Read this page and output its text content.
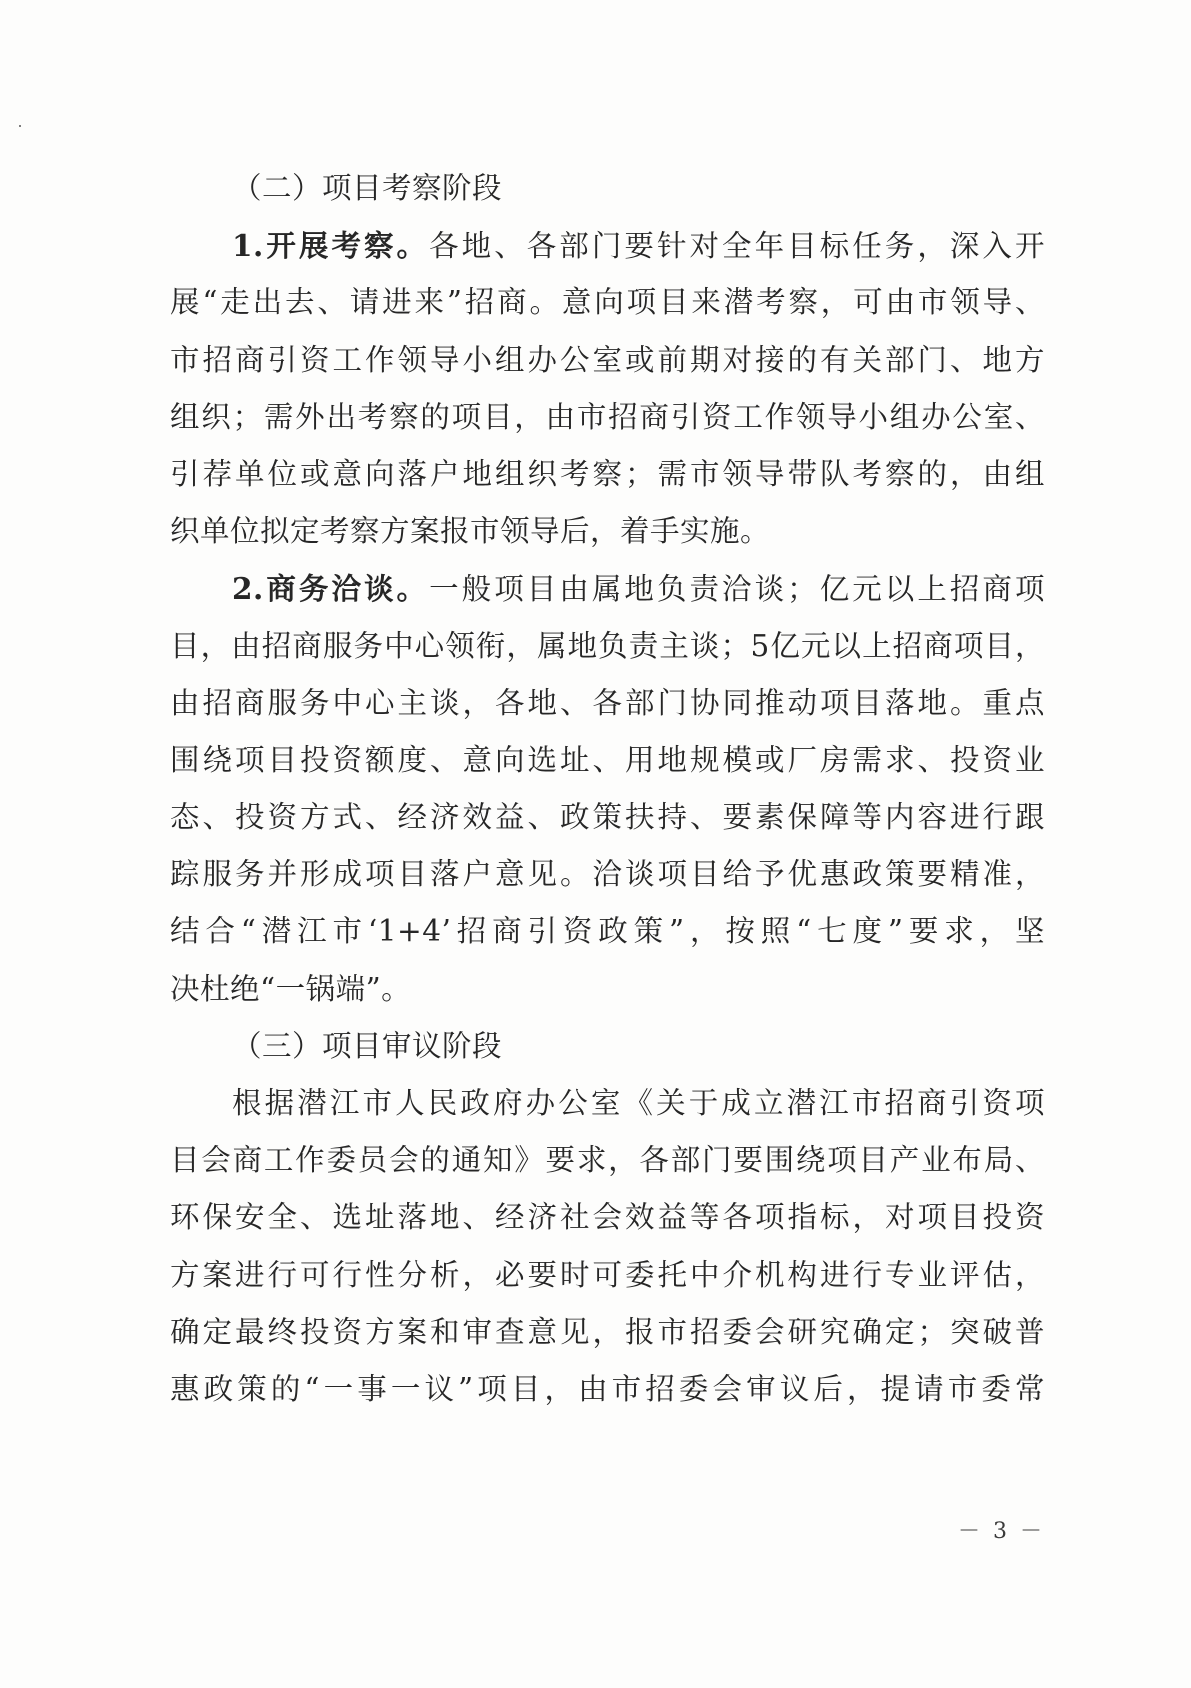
（二）项目考察阶段
1.开展考察。各地、各部门要针对全年目标任务，深入开
展“走出去、请进来”招商。意向项目来潜考察，可由市领导、
市招商引资工作领导小组办公室或前期对接的有关部门、地方
组织；需外出考察的项目，由市招商引资工作领导小组办公室、
引荐单位或意向落户地组织考察；需市领导带队考察的，由组
织单位拟定考察方案报市领导后，着手实施。
2.商务洽谈。一般项目由属地负责洽谈；亿元以上招商项
目，由招商服务中心领衔，属地负责主谈；5亿元以上招商项目，
由招商服务中心主谈，各地、各部门协同推动项目落地。重点
围绕项目投资额度、意向选址、用地规模或厂房需求、投资业
态、投资方式、经济效益、政策扶持、要素保障等内容进行跟
踪服务并形成项目落户意见。洽谈项目给予优惠政策要精准，
结合“潜江市‘1+4’招商引资政策”，按照“七度”要求，坚
决杜绝“一锅端”。
（三）项目审议阶段
根据潜江市人民政府办公室《关于成立潜江市招商引资项
目会商工作委员会的通知》要求，各部门要围绕项目产业布局、
环保安全、选址落地、经济社会效益等各项指标，对项目投资
方案进行可行性分析，必要时可委托中介机构进行专业评估，
确定最终投资方案和审查意见，报市招委会研究确定；突破普
惠政策的“一事一议”项目，由市招委会审议后，提请市委常
－ 3 －
